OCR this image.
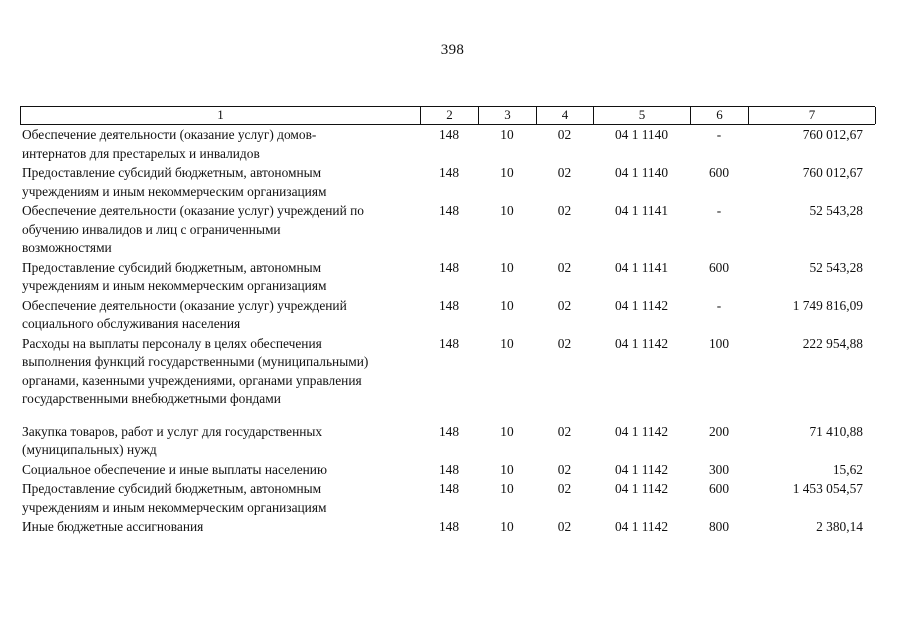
398
1	2	3	4	5	6	7
Обеспечение деятельности (оказание услуг) домов-
интернатов для престарелых и инвалидов
148	10	02	04 1 1140	-	760 012,67
Предоставление субсидий бюджетным, автономным
учреждениям и иным некоммерческим организациям
148	10	02	04 1 1140	600	760 012,67
Обеспечение деятельности (оказание услуг) учреждений по
обучению инвалидов и лиц с ограниченными
возможностями
148	10	02	04 1 1141	-	52 543,28
Предоставление субсидий бюджетным, автономным
учреждениям и иным некоммерческим организациям
148	10	02	04 1 1141	600	52 543,28
Обеспечение деятельности (оказание услуг) учреждений
социального обслуживания населения
148	10	02	04 1 1142	-	1 749 816,09
Расходы на выплаты персоналу в целях обеспечения
выполнения функций государственными (муниципальными)
органами, казенными учреждениями, органами управления
государственными внебюджетными фондами
148	10	02	04 1 1142	100	222 954,88
Закупка товаров, работ и услуг для государственных
(муниципальных) нужд
148	10	02	04 1 1142	200	71 410,88
Социальное обеспечение и иные выплаты населению	148	10	02	04 1 1142	300	15,62
Предоставление субсидий бюджетным, автономным
учреждениям и иным некоммерческим организациям
148	10	02	04 1 1142	600	1 453 054,57
Иные бюджетные ассигнования	148	10	02	04 1 1142	800	2 380,14
